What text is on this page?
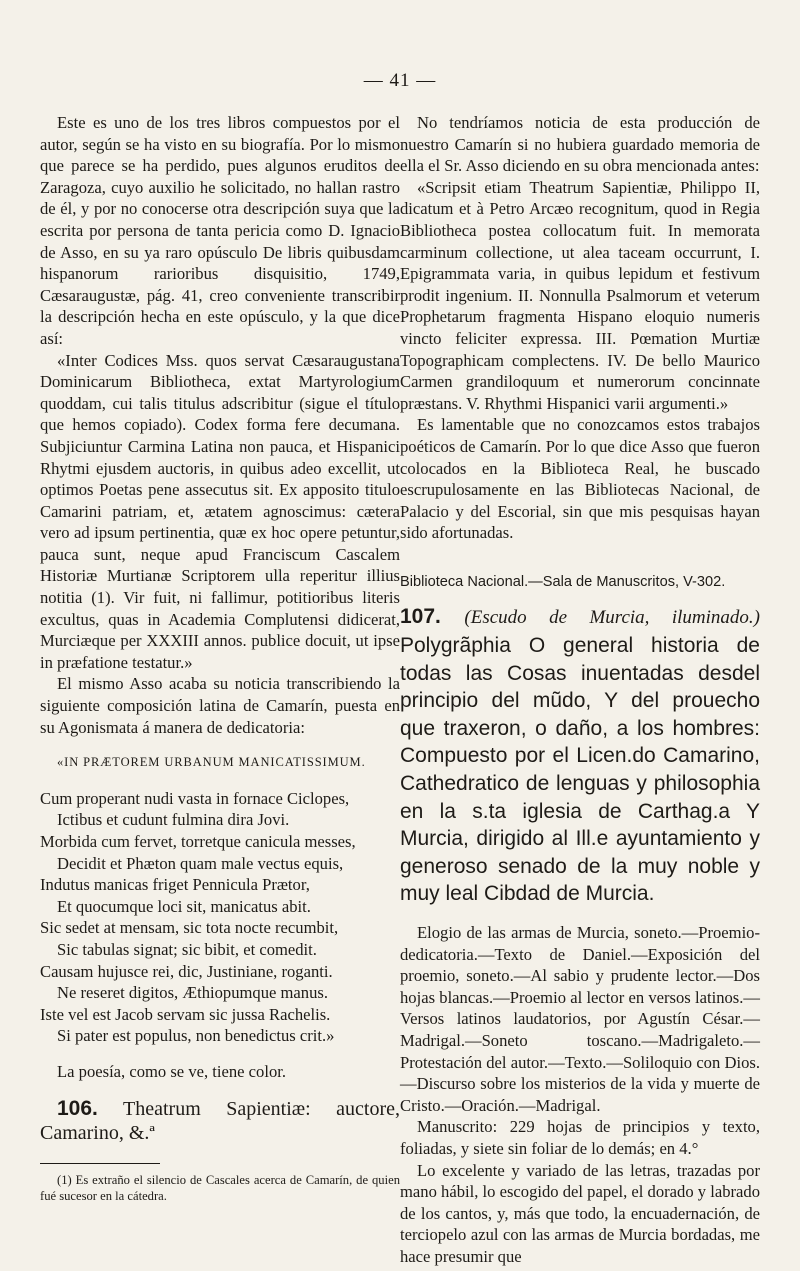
— 41 —

Este es uno de los tres libros compuestos por el autor, según se ha visto en su biografía. Por lo mismo que parece se ha perdido, pues algunos eruditos de Zaragoza, cuyo auxilio he solicitado, no hallan rastro de él, y por no conocerse otra descripción suya que la escrita por persona de tanta pericia como D. Ignacio de Asso, en su ya raro opúsculo De libris quibusdam hispanorum rarioribus disquisitio, 1749, Cæsaraugustæ, pág. 41, creo conveniente transcribir la descripción hecha en este opúsculo, y la que dice así:

«Inter Codices Mss. quos servat Cæsaraugustana Dominicarum Bibliotheca, extat Martyrologium quoddam, cui talis titulus adscribitur (sigue el título que hemos copiado). Codex forma fere decumana. Subjiciuntur Carmina Latina non pauca, et Hispanici Rhytmi ejusdem auctoris, in quibus adeo excellit, ut optimos Poetas pene assecutus sit. Ex apposito titulo Camarini patriam, et, ætatem agnoscimus: cætera vero ad ipsum pertinentia, quæ ex hoc opere petuntur, pauca sunt, neque apud Franciscum Cascalem Historiæ Murtianæ Scriptorem ulla reperitur illius notitia (1). Vir fuit, ni fallimur, potitioribus literis excultus, quas in Academia Complutensi didicerat, Murciæque per XXXIII annos. publice docuit, ut ipse in præfatione testatur.»

El mismo Asso acaba su noticia transcribiendo la siguiente composición latina de Camarín, puesta en su Agonismata á manera de dedicatoria:

«IN PRÆTOREM URBANUM MANICATISSIMUM.

Cum properant nudi vasta in fornace Ciclopes,

Ictibus et cudunt fulmina dira Jovi.

Morbida cum fervet, torretque canicula messes,

Decidit et Phæton quam male vectus equis,

Indutus manicas friget Pennicula Prætor,

Et quocumque loci sit, manicatus abit.

Sic sedet at mensam, sic tota nocte recumbit,

Sic tabulas signat; sic bibit, et comedit.

Causam hujusce rei, dic, Justiniane, roganti.

Ne reseret digitos, Æthiopumque manus.

Iste vel est Jacob servam sic jussa Rachelis.

Si pater est populus, non benedictus crit.»

La poesía, como se ve, tiene color.

106. Theatrum Sapientiæ: auctore, Camarino, &.ª

(1) Es extraño el silencio de Cascales acerca de Camarín, de quien fué sucesor en la cátedra.

No tendríamos noticia de esta producción de nuestro Camarín si no hubiera guardado memoria de ella el Sr. Asso diciendo en su obra mencionada antes:

«Scripsit etiam Theatrum Sapientiæ, Philippo II, dicatum et à Petro Arcæo recognitum, quod in Regia Bibliotheca postea collocatum fuit. In memorata carminum collectione, ut alea taceam occurrunt, I. Epigrammata varia, in quibus lepidum et festivum prodit ingenium. II. Nonnulla Psalmorum et veterum Prophetarum fragmenta Hispano eloquio numeris vincto feliciter expressa. III. Pœmation Murtiæ Topographicam complectens. IV. De bello Maurico Carmen grandiloquum et numerorum concinnate præstans. V. Rhythmi Hispanici varii argumenti.»

Es lamentable que no conozcamos estos trabajos poéticos de Camarín. Por lo que dice Asso que fueron colocados en la Biblioteca Real, he buscado escrupulosamente en las Bibliotecas Nacional, de Palacio y del Escorial, sin que mis pesquisas hayan sido afortunadas.

Biblioteca Nacional.—Sala de Manuscritos, V-302.

107. (Escudo de Murcia, iluminado.) Polygrãphia O general historia de todas las Cosas inuentadas desdel principio del mũdo, Y del prouecho que traxeron, o daño, a los hombres: Compuesto por el Licen.do Camarino, Cathedratico de lenguas y philosophia en la s.ta iglesia de Carthag.a Y Murcia, dirigido al Ill.e ayuntamiento y generoso senado de la muy noble y muy leal Cibdad de Murcia.

Elogio de las armas de Murcia, soneto.—Proemio-dedicatoria.—Texto de Daniel.—Exposición del proemio, soneto.—Al sabio y prudente lector.—Dos hojas blancas.—Proemio al lector en versos latinos.—Versos latinos laudatorios, por Agustín César.—Madrigal.—Soneto toscano.—Madrigaleto.—Protestación del autor.—Texto.—Soliloquio con Dios.—Discurso sobre los misterios de la vida y muerte de Cristo.—Oración.—Madrigal.

Manuscrito: 229 hojas de principios y texto, foliadas, y siete sin foliar de lo demás; en 4.°

Lo excelente y variado de las letras, trazadas por mano hábil, lo escogido del papel, el dorado y labrado de los cantos, y, más que todo, la encuadernación, de terciopelo azul con las armas de Murcia bordadas, me hace presumir que
